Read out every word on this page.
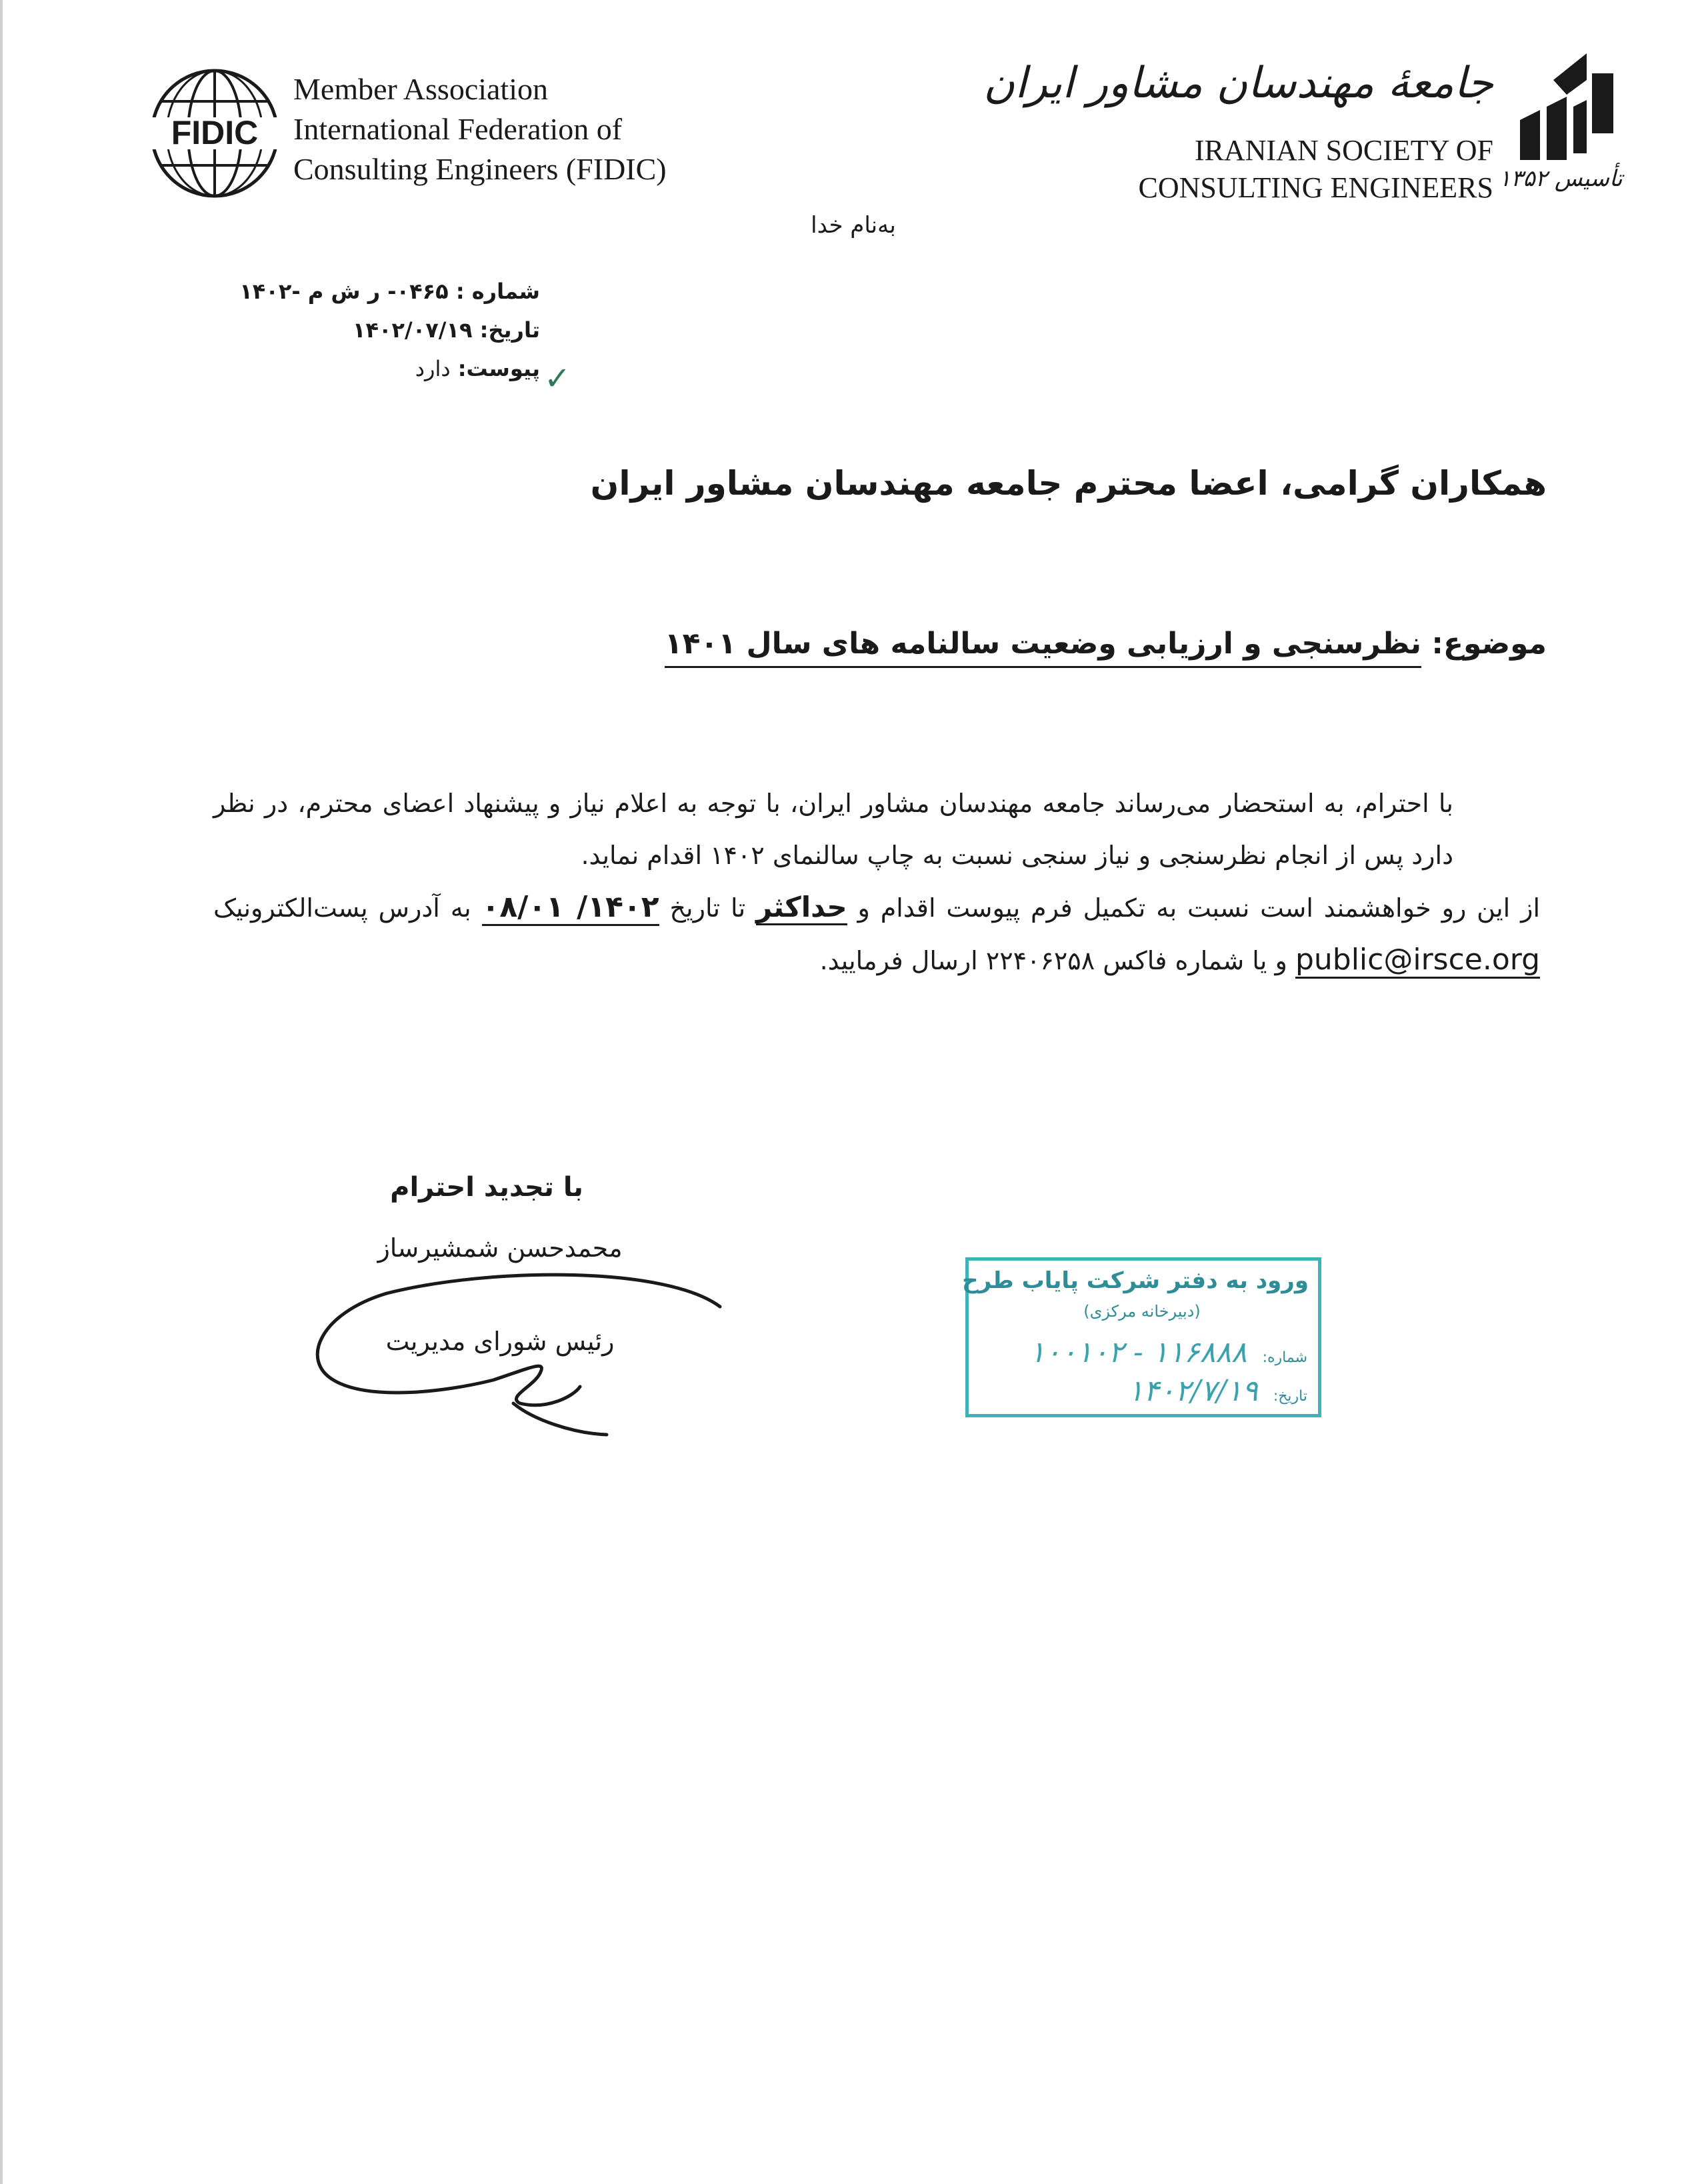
FIDIC
Member Association
International Federation of
Consulting Engineers (FIDIC)	تأسیس ۱۳۵۲
جامعهٔ مهندسان مشاور ایران
IRANIAN SOCIETY OF
CONSULTING ENGINEERS
به‌نام خدا
شماره : ۰۴۶۵- ر ش م -۱۴۰۲
تاریخ: ۱۴۰۲/۰۷/۱۹
پیوست: دارد	✓
همکاران گرامی، اعضا محترم جامعه مهندسان مشاور ایران
موضوع: نظرسنجی و ارزیابی وضعیت سالنامه های سال ۱۴۰۱

با احترام، به استحضار می‌رساند جامعه مهندسان مشاور ایران، با توجه به اعلام نیاز و پیشنهاد اعضای محترم، در نظر دارد پس از انجام نظرسنجی و نیاز سنجی نسبت به چاپ سالنمای ۱۴۰۲ اقدام نماید.

از این رو خواهشمند است نسبت به تکمیل فرم پیوست اقدام و حداکثر تا تاریخ ۱۴۰۲/ ۰۸/۰۱ به آدرس پست‌الکترونیک public@irsce.org و یا شماره فاکس ۲۲۴۰۶۲۵۸ ارسال فرمایید.

با تجدید احترام
محمدحسن شمشیرساز
رئیس شورای مدیریت
ورود به دفتر شرکت پایاب طرح
(دبیرخانه مرکزی)
شماره: ۱۱۶۸۸۸ - ۱۰۰۱۰۲
تاریخ: ۱۴۰۲/۷/۱۹
